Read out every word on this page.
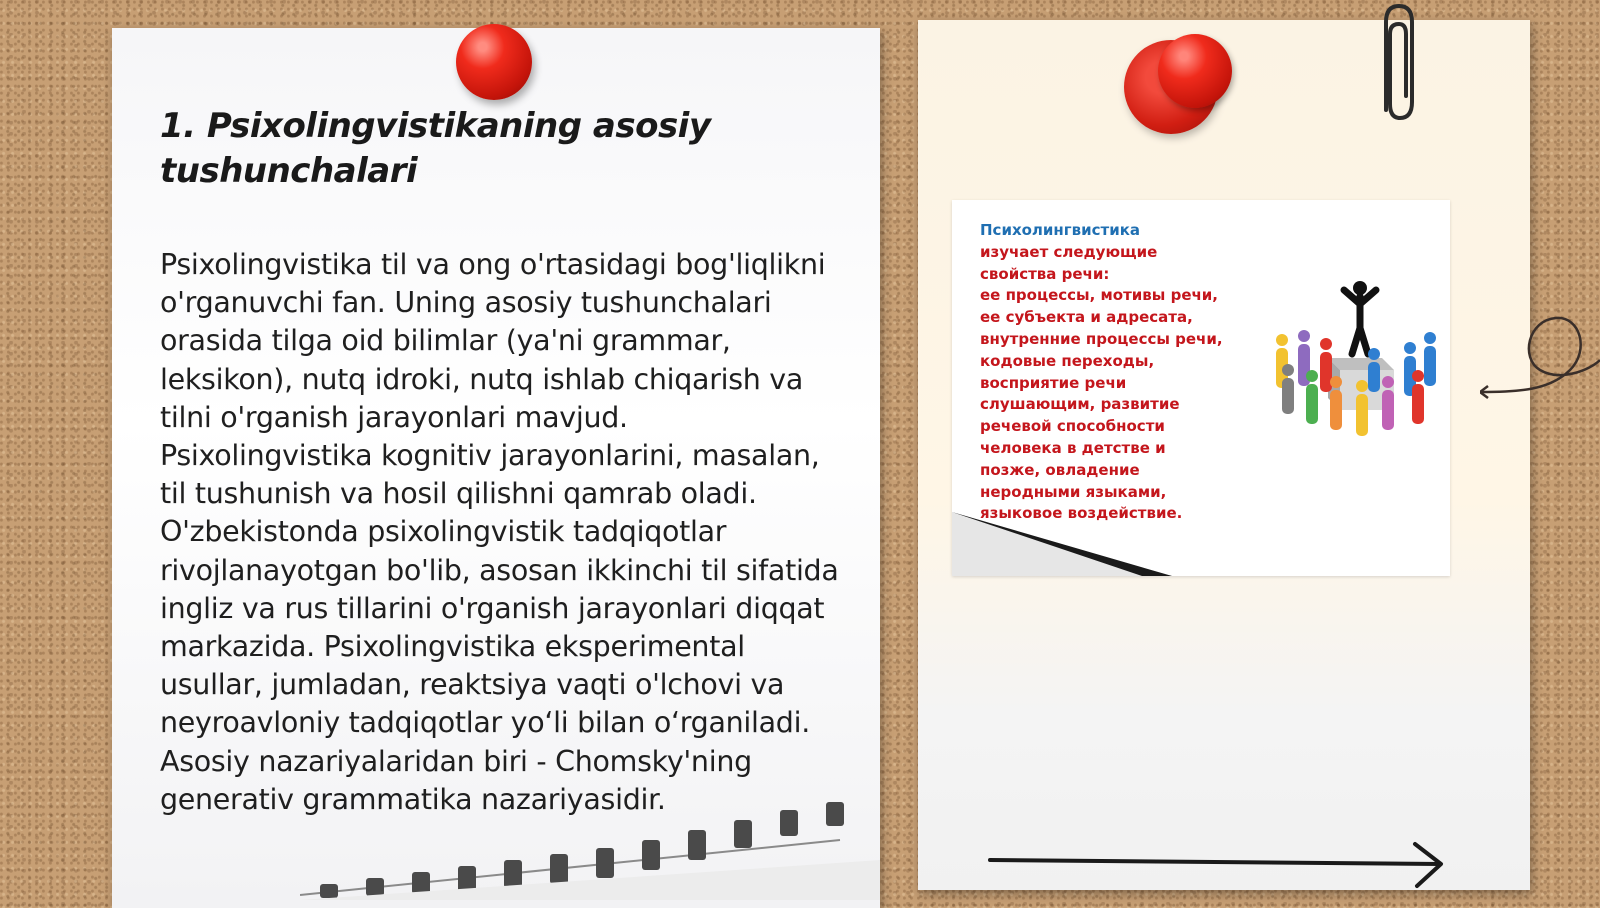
1. Psixolingvistikaning asosiy tushunchalari

Psixolingvistika til va ong o'rtasidagi bog'liqlikni o'rganuvchi fan. Uning asosiy tushunchalari orasida tilga oid bilimlar (ya'ni grammar, leksikon), nutq idroki, nutq ishlab chiqarish va tilni o'rganish jarayonlari mavjud. Psixolingvistika kognitiv jarayonlarini, masalan, til tushunish va hosil qilishni qamrab oladi. O'zbekistonda psixolingvistik tadqiqotlar rivojlanayotgan bo'lib, asosan ikkinchi til sifatida ingliz va rus tillarini o'rganish jarayonlari diqqat markazida. Psixolingvistika eksperimental usullar, jumladan, reaktsiya vaqti o'lchovi va neyroavloniy tadqiqotlar yo‘li bilan o‘rganiladi. Asosiy nazariyalaridan biri - Chomsky'ning generativ grammatika nazariyasidir.

Психолингвистика
изучает следующие
свойства речи:
ее процессы, мотивы речи,
ее субъекта и адресата,
внутренние процессы речи,
кодовые переходы,
восприятие речи
слушающим, развитие
речевой способности
человека в детстве и
позже, овладение
неродными языками,
языковое воздействие.
